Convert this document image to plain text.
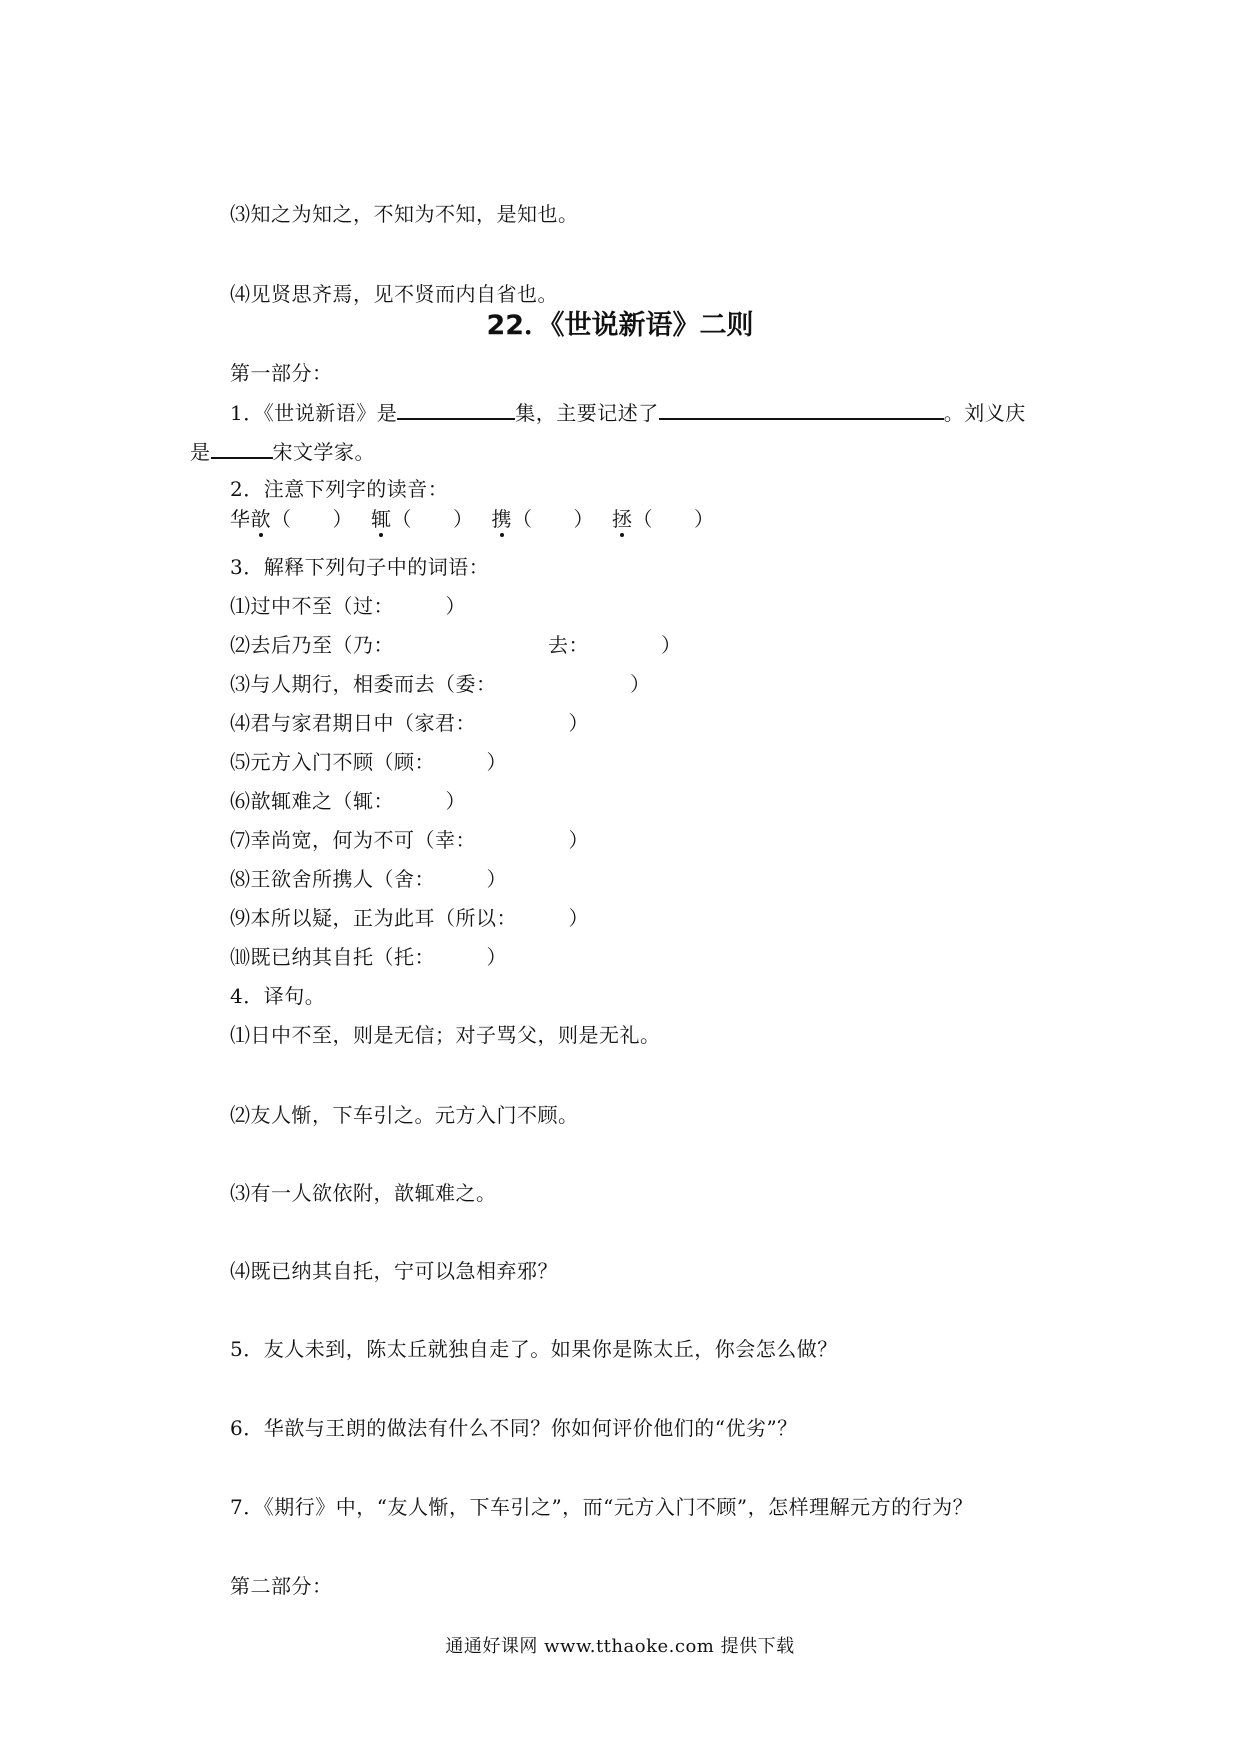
⑶知之为知之，不知为不知，是知也。
⑷见贤思齐焉，见不贤而内自省也。
22．《世说新语》二则
第一部分：
1．《世说新语》是	集，主要记述了	。刘义庆
是	宋文学家。
2．注意下列字的读音：
华歆（　　） 辄（　　） 携（　　） 拯（　　）
3．解释下列句子中的词语：
⑴过中不至（过：　　　）
⑵去后乃至（乃：　　　　　　　　去：　　　　）
⑶与人期行，相委而去（委：　　　　　　　）
⑷君与家君期日中（家君：　　　　　）
⑸元方入门不顾（顾：　　　）
⑹歆辄难之（辄：　　　）
⑺幸尚宽，何为不可（幸：　　　　　）
⑻王欲舍所携人（舍：　　　）
⑼本所以疑，正为此耳（所以：　　　）
⑽既已纳其自托（托：　　　）
4．译句。
⑴日中不至，则是无信；对子骂父，则是无礼。
⑵友人惭，下车引之。元方入门不顾。
⑶有一人欲依附，歆辄难之。
⑷既已纳其自托，宁可以急相弃邪？
5．友人未到，陈太丘就独自走了。如果你是陈太丘，你会怎么做？
6．华歆与王朗的做法有什么不同？你如何评价他们的“优劣”？
7．《期行》中，“友人惭，下车引之”，而“元方入门不顾”，怎样理解元方的行为？
第二部分：
通通好课网 www.tthaoke.com 提供下载
